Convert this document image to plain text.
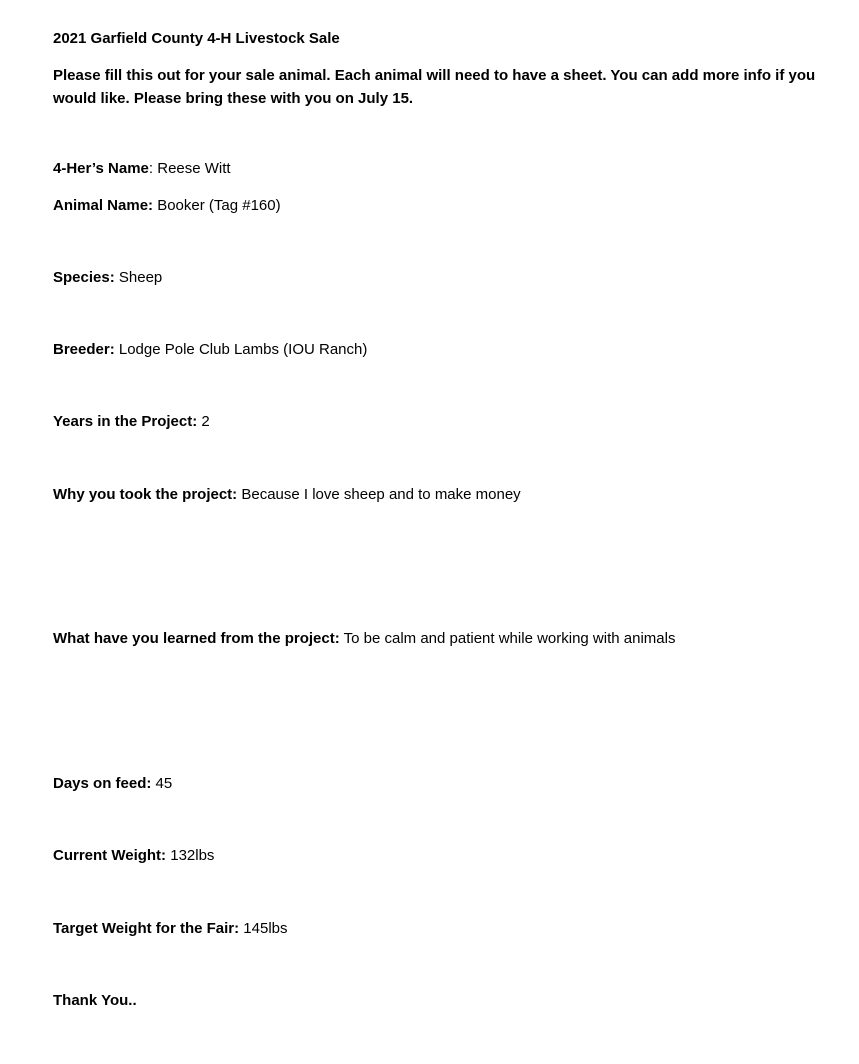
2021 Garfield County 4-H Livestock Sale
Please fill this out for your sale animal. Each animal will need to have a sheet. You can add more info if you would like. Please bring these with you on July 15.
4-Her’s Name: Reese Witt
Animal Name: Booker (Tag #160)
Species: Sheep
Breeder: Lodge Pole Club Lambs (IOU Ranch)
Years in the Project: 2
Why you took the project: Because I love sheep and to make money
What have you learned from the project: To be calm and patient while working with animals
Days on feed: 45
Current Weight: 132lbs
Target Weight for the Fair: 145lbs
Thank You..
